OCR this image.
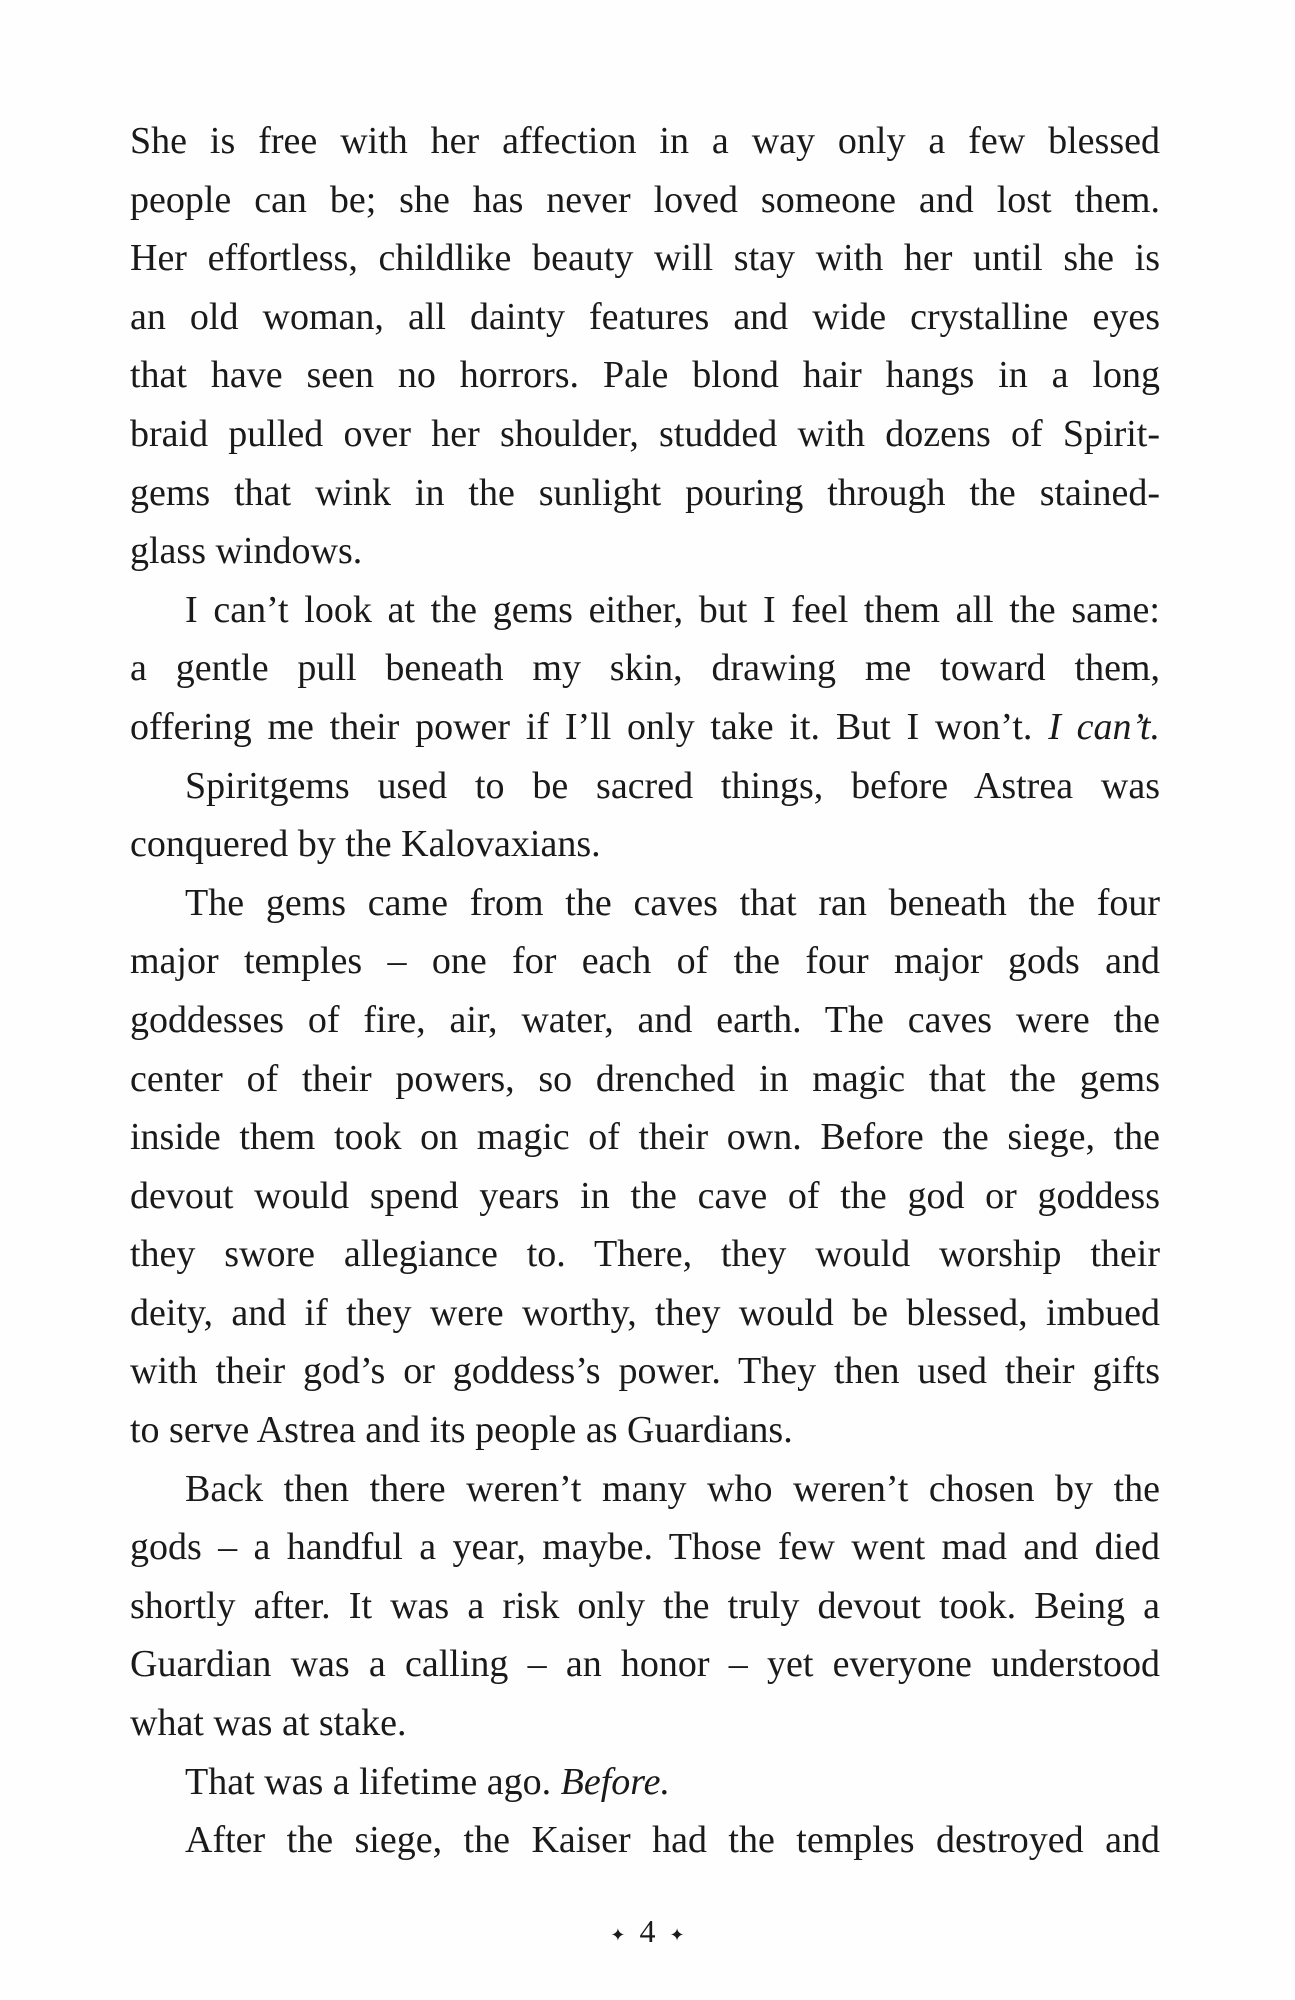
She is free with her affection in a way only a few blessed
people can be; she has never loved someone and lost them.
Her effortless, childlike beauty will stay with her until she is
an old woman, all dainty features and wide crystalline eyes
that have seen no horrors. Pale blond hair hangs in a long
braid pulled over her shoulder, studded with dozens of Spirit-
gems that wink in the sunlight pouring through the stained-
glass windows.
I can’t look at the gems either, but I feel them all the same:
a gentle pull beneath my skin, drawing me toward them,
offering me their power if I’ll only take it. But I won’t. I can’t.
Spiritgems used to be sacred things, before Astrea was
conquered by the Kalovaxians.
The gems came from the caves that ran beneath the four
major temples – one for each of the four major gods and
goddesses of fire, air, water, and earth. The caves were the
center of their powers, so drenched in magic that the gems
inside them took on magic of their own. Before the siege, the
devout would spend years in the cave of the god or goddess
they swore allegiance to. There, they would worship their
deity, and if they were worthy, they would be blessed, imbued
with their god’s or goddess’s power. They then used their gifts
to serve Astrea and its people as Guardians.
Back then there weren’t many who weren’t chosen by the
gods – a handful a year, maybe. Those few went mad and died
shortly after. It was a risk only the truly devout took. Being a
Guardian was a calling – an honor – yet everyone understood
what was at stake.
That was a lifetime ago. Before.
After the siege, the Kaiser had the temples destroyed and
✦ 4 ✦
